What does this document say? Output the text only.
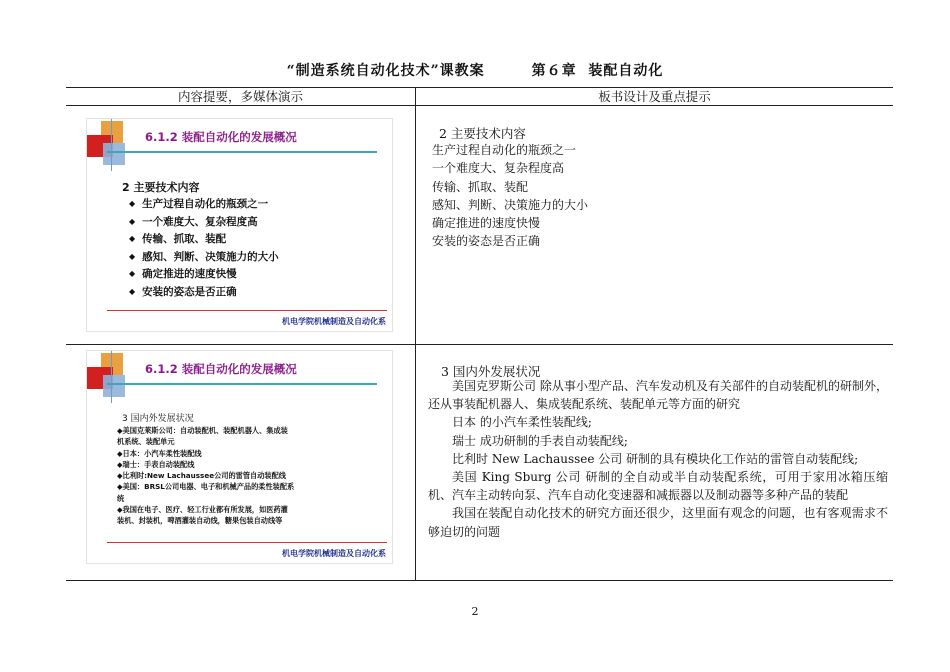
“制造系统自动化技术”课教案        第６章  装配自动化
内容提要，多媒体演示	板书设计及重点提示
6.1.2 装配自动化的发展概况
2 主要技术内容
◆ 生产过程自动化的瓶颈之一
◆ 一个难度大、复杂程度高
◆ 传输、抓取、装配
◆ 感知、判断、决策施力的大小
◆ 确定推进的速度快慢
◆ 安装的姿态是否正确
机电学院机械制造及自动化系
2 主要技术内容
生产过程自动化的瓶颈之一
一个难度大、复杂程度高
传输、抓取、装配
感知、判断、决策施力的大小
确定推进的速度快慢
安装的姿态是否正确
6.1.2 装配自动化的发展概况
3 国内外发展状况

◆美国克莱斯公司：自动装配机、装配机器人、集成装

机系统、装配单元

◆日本：小汽车柔性装配线

◆瑞士：手表自动装配线

◆比利时:New Lachaussee公司的雷管自动装配线

◆美国：BRSL公司电器、电子和机械产品的柔性装配系

统

◆我国在电子、医疗、轻工行业都有所发展，如医药灌

装机、封装机，啤酒灌装自动线，糖果包装自动线等

机电学院机械制造及自动化系
3 国内外发展状况

美国克罗斯公司 除从事小型产品、汽车发动机及有关部件的自动装配机的研制外，还从事装配机器人、集成装配系统、装配单元等方面的研究

日本 的小汽车柔性装配线;

瑞士 成功研制的手表自动装配线;

比利时 New Lachaussee 公司 研制的具有模块化工作站的雷管自动装配线;

美国 King Sburg 公司 研制的全自动或半自动装配系统，可用于家用冰箱压缩机、汽车主动转向泵、汽车自动化变速器和减振器以及制动器等多种产品的装配

我国在装配自动化技术的研究方面还很少，这里面有观念的问题，也有客观需求不够迫切的问题

2
